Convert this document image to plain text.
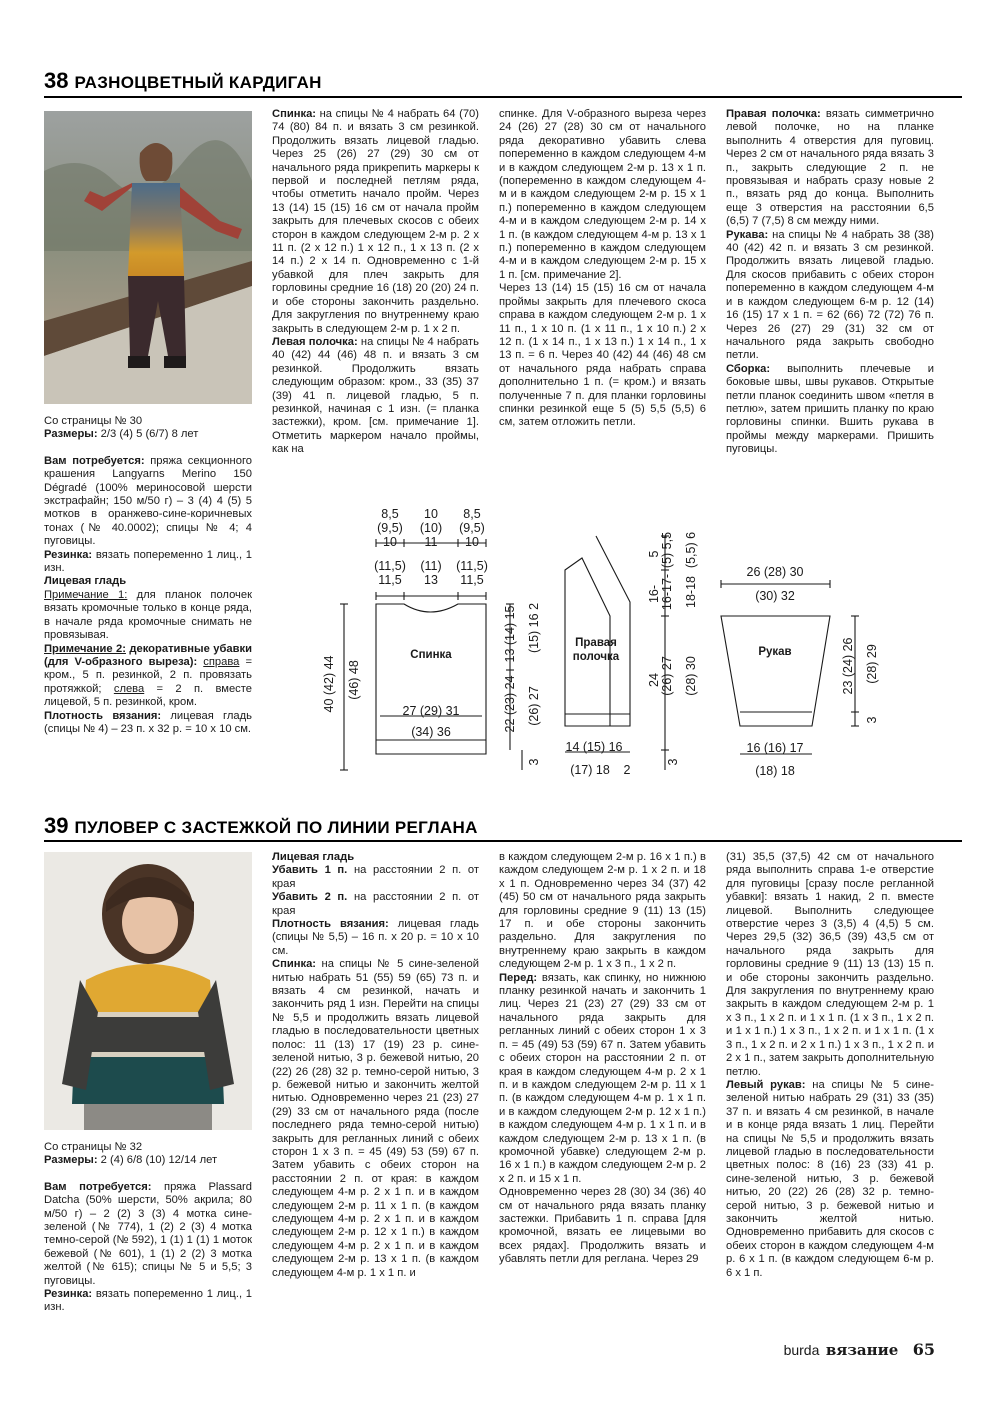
38 РАЗНОЦВЕТНЫЙ КАРДИГАН

Со страницы № 30

Размеры: 2/3 (4) 5 (6/7) 8 лет

Вам потребуется: пряжа секционного крашения Langyarns Merino 150 Dégradé (100% мериносовой шерсти экстрафайн; 150 м/50 г) – 3 (4) 4 (5) 5 мотков в оранжево-сине-коричневых тонах (№ 40.0002); спицы № 4; 4 пуговицы.

Резинка: вязать попеременно 1 лиц., 1 изн.

Лицевая гладь

Примечание 1: для планок полочек вязать кромочные только в конце ряда, в начале ряда кромочные снимать не провязывая.

Примечание 2: декоративные убавки (для V-образного выреза): справа = кром., 5 п. резинкой, 2 п. провязать протяжкой; слева = 2 п. вместе лицевой, 5 п. резинкой, кром.

Плотность вязания: лицевая гладь (спицы № 4) – 23 п. х 32 р. = 10 х 10 см.

Спинка: на спицы № 4 набрать 64 (70) 74 (80) 84 п. и вязать 3 см резинкой. Продолжить вязать лицевой гладью. Через 25 (26) 27 (29) 30 см от начального ряда прикрепить маркеры к первой и последней петлям ряда, чтобы отметить начало пройм. Через 13 (14) 15 (15) 16 см от начала пройм закрыть для плечевых скосов с обеих сторон в каждом следующем 2-м р. 2 х 11 п. (2 х 12 п.) 1 х 12 п., 1 х 13 п. (2 х 14 п.) 2 х 14 п. Одновременно с 1-й убавкой для плеч закрыть для горловины средние 16 (18) 20 (20) 24 п. и обе стороны закончить раздельно. Для закругления по внутреннему краю закрыть в следующем 2-м р. 1 х 2 п.

Левая полочка: на спицы № 4 набрать 40 (42) 44 (46) 48 п. и вязать 3 см резинкой. Продолжить вязать следующим образом: кром., 33 (35) 37 (39) 41 п. лицевой гладью, 5 п. резинкой, начиная с 1 изн. (= планка застежки), кром. [см. примечание 1]. Отметить маркером начало проймы, как на

спинке. Для V-образного выреза через 24 (26) 27 (28) 30 см от начального ряда декоративно убавить слева попеременно в каждом следующем 4-м и в каждом следующем 2-м р. 13 х 1 п. (попеременно в каждом следующем 4-м и в каждом следующем 2-м р. 15 х 1 п.) попеременно в каждом следующем 4-м и в каждом следующем 2-м р. 14 х 1 п. (в каждом следующем 4-м р. 13 х 1 п.) попеременно в каждом следующем 4-м и в каждом следующем 2-м р. 15 х 1 п. [см. примечание 2].

Через 13 (14) 15 (15) 16 см от начала проймы закрыть для плечевого скоса справа в каждом следующем 2-м р. 1 х 11 п., 1 х 10 п. (1 х 11 п., 1 х 10 п.) 2 х 12 п. (1 х 14 п., 1 х 13 п.) 1 х 14 п., 1 х 13 п. = 6 п. Через 40 (42) 44 (46) 48 см от начального ряда набрать справа дополнительно 1 п. (= кром.) и вязать полученные 7 п. для планки горловины спинки резинкой еще 5 (5) 5,5 (5,5) 6 см, затем отложить петли.

Правая полочка: вязать симметрично левой полочке, но на планке выполнить 4 отверстия для пуговиц. Через 2 см от начального ряда вязать 3 п., закрыть следующие 2 п. не провязывая и набрать сразу новые 2 п., вязать ряд до конца. Выполнить еще 3 отверстия на расстоянии 6,5 (6,5) 7 (7,5) 8 см между ними.

Рукава: на спицы № 4 набрать 38 (38) 40 (42) 42 п. и вязать 3 см резинкой. Продолжить вязать лицевой гладью. Для скосов прибавить с обеих сторон попеременно в каждом следующем 4-м и в каждом следующем 6-м р. 12 (14) 16 (15) 17 х 1 п. = 62 (66) 72 (72) 76 п. Через 26 (27) 29 (31) 32 см от начального ряда закрыть свободно петли.

Сборка: выполнить плечевые и боковые швы, швы рукавов. Открытые петли планок соединить швом «петля в петлю», затем пришить планку по краю горловины спинки. Вшить рукава в проймы между маркерами. Пришить пуговицы.

Спинка
8,5 10 8,5
(9,5) (10) (9,5)
10 11 10
(11,5) (11) (11,5)
11,5 13 11,5
27 (29) 31
(34) 36
40 (42) 44 (46) 48
13 (14) 15 (15) 16 2
22 (23) 24 (26) 27
3
Правая
полочка
5 (5) 5,5 (5,5) 6
16- 16-17- 18-18
24 (26) 27 (28) 30
3
14 (15) 16
(17) 18 2
Рукав
26 (28) 30
(30) 32
23 (24) 26 (28) 29
3
16 (16) 17
(18) 18
39 ПУЛОВЕР С ЗАСТЕЖКОЙ ПО ЛИНИИ РЕГЛАНА

Со страницы № 32

Размеры: 2 (4) 6/8 (10) 12/14 лет

Вам потребуется: пряжа Plassard Datcha (50% шерсти, 50% акрила; 80 м/50 г) – 2 (2) 3 (3) 4 мотка сине-зеленой (№ 774), 1 (2) 2 (3) 4 мотка темно-серой (№ 592), 1 (1) 1 (1) 1 моток бежевой (№ 601), 1 (1) 2 (2) 3 мотка желтой (№ 615); спицы № 5 и 5,5; 3 пуговицы.

Резинка: вязать попеременно 1 лиц., 1 изн.

Лицевая гладь

Убавить 1 п. на расстоянии 2 п. от края

Убавить 2 п. на расстоянии 2 п. от края

Плотность вязания: лицевая гладь (спицы № 5,5) – 16 п. х 20 р. = 10 х 10 см.

Спинка: на спицы № 5 сине-зеленой нитью набрать 51 (55) 59 (65) 73 п. и вязать 4 см резинкой, начать и закончить ряд 1 изн. Перейти на спицы № 5,5 и продолжить вязать лицевой гладью в последовательности цветных полос: 11 (13) 17 (19) 23 р. сине-зеленой нитью, 3 р. бежевой нитью, 20 (22) 26 (28) 32 р. темно-серой нитью, 3 р. бежевой нитью и закончить желтой нитью. Одновременно через 21 (23) 27 (29) 33 см от начального ряда (после последнего ряда темно-серой нитью) закрыть для регланных линий с обеих сторон 1 х 3 п. = 45 (49) 53 (59) 67 п. Затем убавить с обеих сторон на расстоянии 2 п. от края: в каждом следующем 4-м р. 2 х 1 п. и в каждом следующем 2-м р. 11 х 1 п. (в каждом следующем 4-м р. 2 х 1 п. и в каждом следующем 2-м р. 12 х 1 п.) в каждом следующем 4-м р. 2 х 1 п. и в каждом следующем 2-м р. 13 х 1 п. (в каждом следующем 4-м р. 1 х 1 п. и

в каждом следующем 2-м р. 16 х 1 п.) в каждом следующем 2-м р. 1 х 2 п. и 18 х 1 п. Одновременно через 34 (37) 42 (45) 50 см от начального ряда закрыть для горловины средние 9 (11) 13 (15) 17 п. и обе стороны закончить раздельно. Для закругления по внутреннему краю закрыть в каждом следующем 2-м р. 1 х 3 п., 1 х 2 п.

Перед: вязать, как спинку, но нижнюю планку резинкой начать и закончить 1 лиц. Через 21 (23) 27 (29) 33 см от начального ряда закрыть для регланных линий с обеих сторон 1 х 3 п. = 45 (49) 53 (59) 67 п. Затем убавить с обеих сторон на расстоянии 2 п. от края в каждом следующем 4-м р. 2 х 1 п. и в каждом следующем 2-м р. 11 х 1 п. (в каждом следующем 4-м р. 1 х 1 п. и в каждом следующем 2-м р. 12 х 1 п.) в каждом следующем 4-м р. 1 х 1 п. и в каждом следующем 2-м р. 13 х 1 п. (в кромочной убавке) следующем 2-м р. 16 х 1 п.) в каждом следующем 2-м р. 2 х 2 п. и 15 х 1 п.

Одновременно через 28 (30) 34 (36) 40 см от начального ряда вязать планку застежки. Прибавить 1 п. справа [для кромочной, вязать ее лицевыми во всех рядах]. Продолжить вязать и убавлять петли для реглана. Через 29

(31) 35,5 (37,5) 42 см от начального ряда выполнить справа 1-е отверстие для пуговицы [сразу после регланной убавки]: вязать 1 накид, 2 п. вместе лицевой. Выполнить следующее отверстие через 3 (3,5) 4 (4,5) 5 см. Через 29,5 (32) 36,5 (39) 43,5 см от начального ряда закрыть для горловины средние 9 (11) 13 (13) 15 п. и обе стороны закончить раздельно. Для закругления по внутреннему краю закрыть в каждом следующем 2-м р. 1 х 3 п., 1 х 2 п. и 1 х 1 п. (1 х 3 п., 1 х 2 п. и 1 х 1 п.) 1 х 3 п., 1 х 2 п. и 1 х 1 п. (1 х 3 п., 1 х 2 п. и 2 х 1 п.) 1 х 3 п., 1 х 2 п. и 2 х 1 п., затем закрыть дополнительную петлю.

Левый рукав: на спицы № 5 сине-зеленой нитью набрать 29 (31) 33 (35) 37 п. и вязать 4 см резинкой, в начале и в конце ряда вязать 1 лиц. Перейти на спицы № 5,5 и продолжить вязать лицевой гладью в последовательности цветных полос: 8 (16) 23 (33) 41 р. сине-зеленой нитью, 3 р. бежевой нитью, 20 (22) 26 (28) 32 р. темно-серой нитью, 3 р. бежевой нитью и закончить желтой нитью. Одновременно прибавить для скосов с обеих сторон в каждом следующем 4-м р. 6 х 1 п. (в каждом следующем 6-м р. 6 х 1 п.

burda вязание 65
